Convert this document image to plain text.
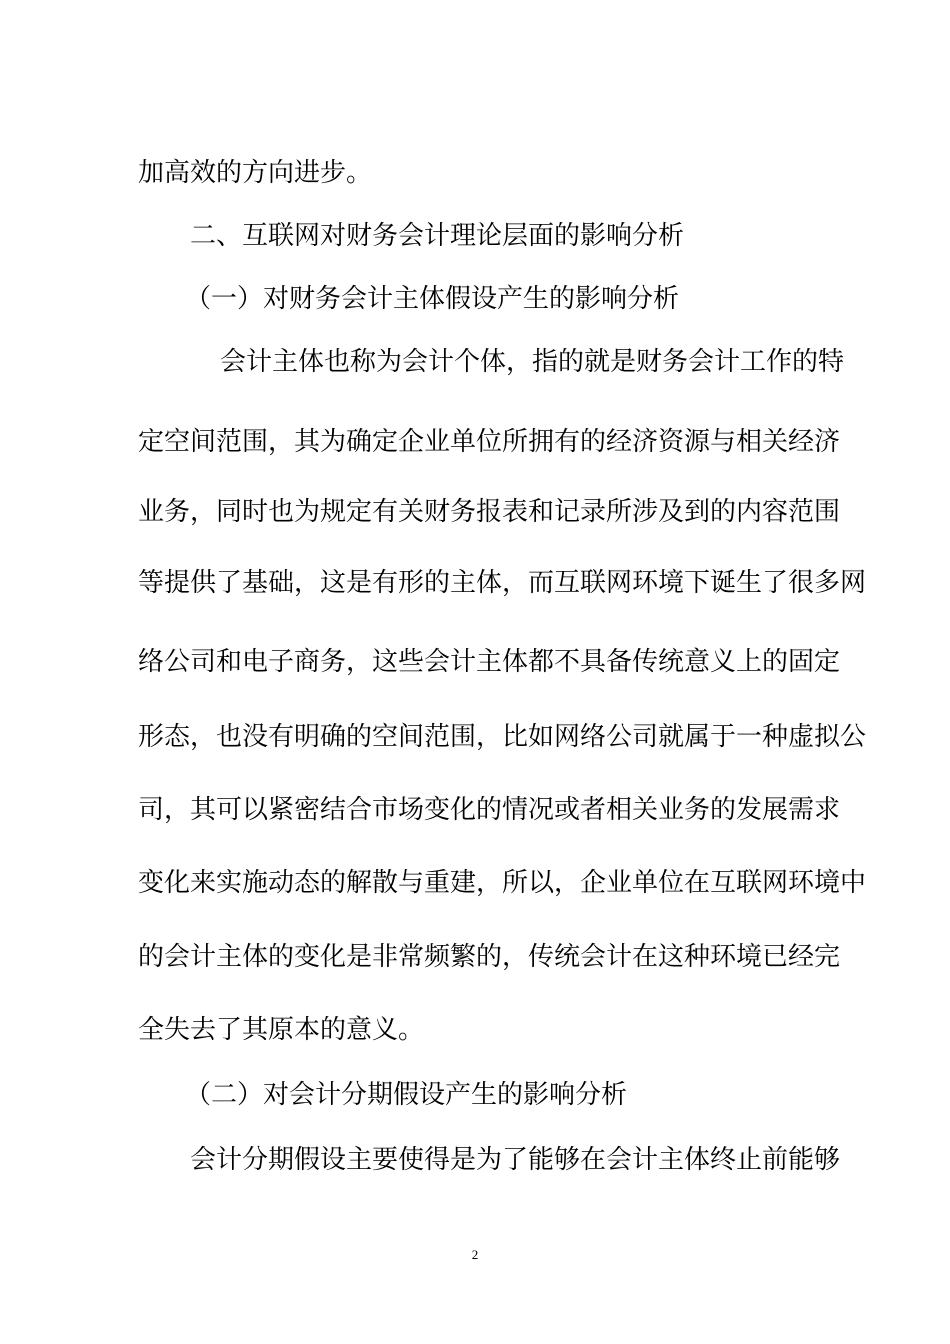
加高效的方向进步。
二、互联网对财务会计理论层面的影响分析
（一）对财务会计主体假设产生的影响分析
会计主体也称为会计个体，指的就是财务会计工作的特
定空间范围，其为确定企业单位所拥有的经济资源与相关经济
业务，同时也为规定有关财务报表和记录所涉及到的内容范围
等提供了基础，这是有形的主体，而互联网环境下诞生了很多网
络公司和电子商务，这些会计主体都不具备传统意义上的固定
形态，也没有明确的空间范围，比如网络公司就属于一种虚拟公
司，其可以紧密结合市场变化的情况或者相关业务的发展需求
变化来实施动态的解散与重建，所以，企业单位在互联网环境中
的会计主体的变化是非常频繁的，传统会计在这种环境已经完
全失去了其原本的意义。
（二）对会计分期假设产生的影响分析
会计分期假设主要使得是为了能够在会计主体终止前能够
2
